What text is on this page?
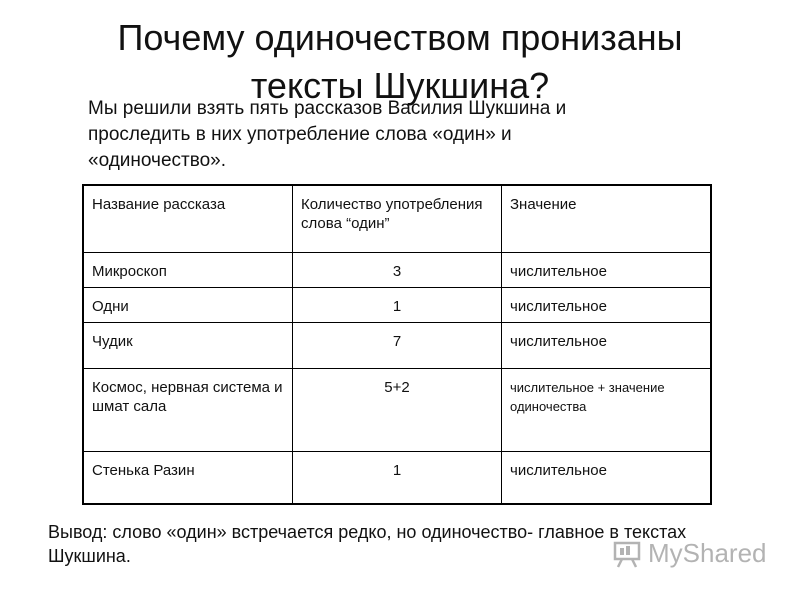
Почему одиночеством пронизаны тексты Шукшина?
Мы решили взять пять рассказов Василия Шукшина и проследить в них употребление слова «один» и «одиночество».
Название рассказа	Количество употребления слова “один”	Значение
Микроскоп	3	числительное
Одни	1	числительное
Чудик	7	числительное
Космос, нервная система и шмат сала	5+2	числительное + значение одиночества
Стенька Разин	1	числительное
Вывод: слово «один» встречается редко, но одиночество- главное в текстах Шукшина.	MyShared
